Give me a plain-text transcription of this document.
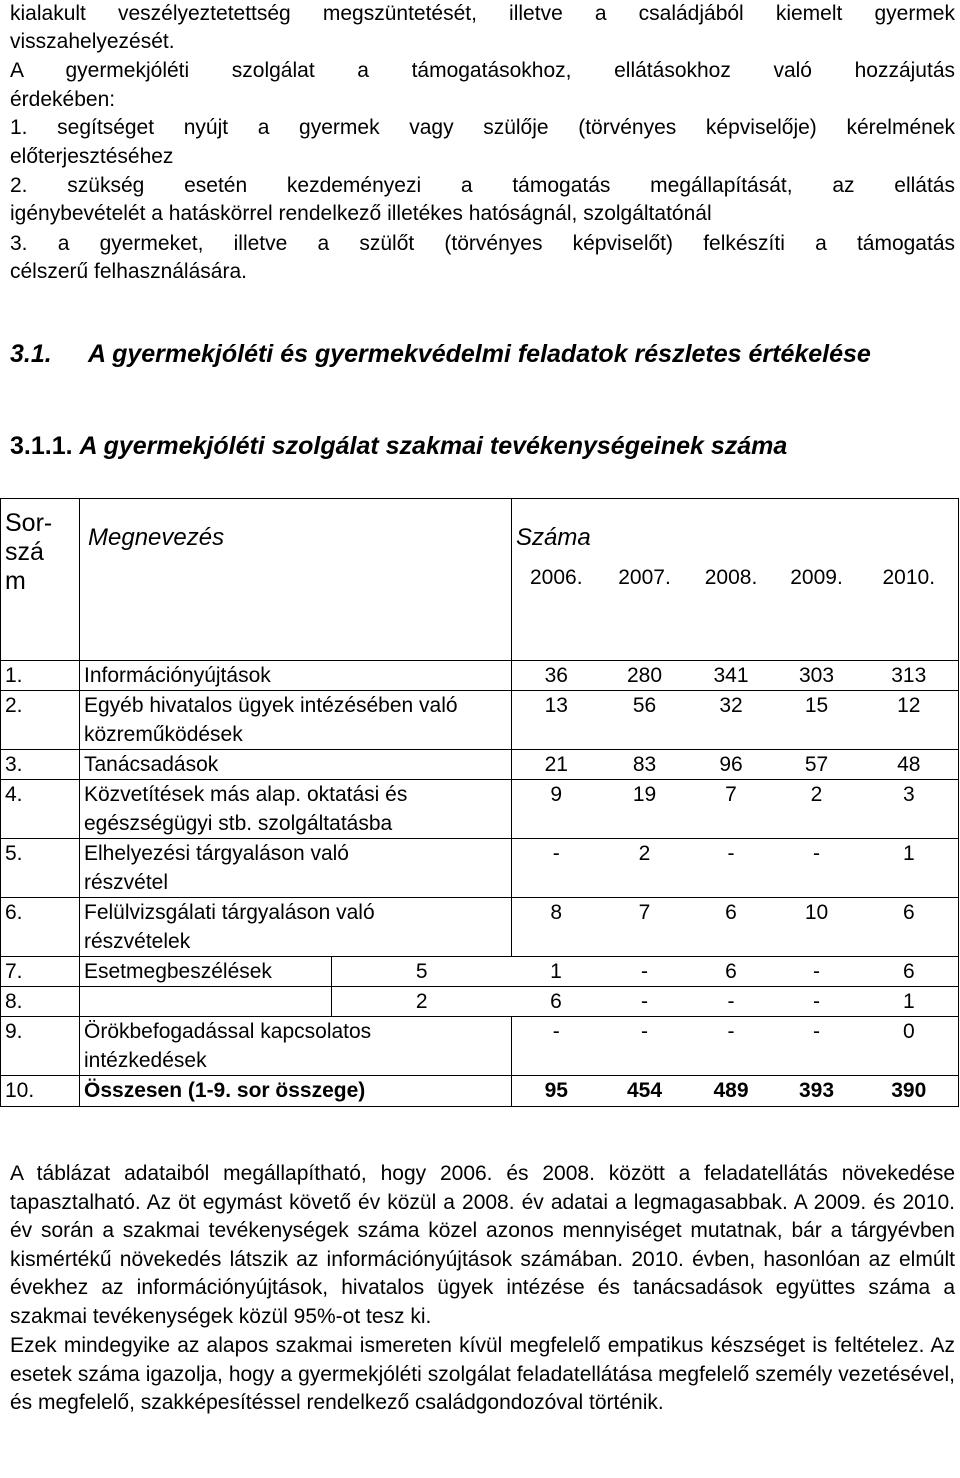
kialakult veszélyeztetettség megszüntetését, illetve a családjából kiemelt gyermek

visszahelyezését.

A gyermekjóléti szolgálat a támogatásokhoz, ellátásokhoz való hozzájutás

érdekében:

1. segítséget nyújt a gyermek vagy szülője (törvényes képviselője) kérelmének

előterjesztéséhez

2. szükség esetén kezdeményezi a támogatás megállapítását, az ellátás

igénybevételét a hatáskörrel rendelkező illetékes hatóságnál, szolgáltatónál

3. a gyermeket, illetve a szülőt (törvényes képviselőt) felkészíti a támogatás

célszerű felhasználására.

3.1. A gyermekjóléti és gyermekvédelmi feladatok részletes értékelése
3.1.1. A gyermekjóléti szolgálat szakmai tevékenységeinek száma
Sor-
szá
m	Megnevezés		Száma				
			2006.	2007.	2008.	2009.	2010.
1.	Információnyújtások		36	280	341	303	313
2.	Egyéb hivatalos ügyek intézésében való közreműködések		13	56	32	15	12
3.	Tanácsadások		21	83	96	57	48
4.	Közvetítések más alap. oktatási és egészségügyi stb. szolgáltatásba		9	19	7	2	3
5.	Elhelyezési tárgyaláson való részvétel		-	2	-	-	1
6.	Felülvizsgálati tárgyaláson való részvételek		8	7	6	10	6
7.	Esetmegbeszélések	5	1	-	6	-	6
8.		2	6	-	-	-	1
9.	Örökbefogadással kapcsolatos intézkedések		-	-	-	-	0
10.	Összesen (1-9. sor összege)		95	454	489	393	390

A táblázat adataiból megállapítható, hogy 2006. és 2008. között a feladatellátás növekedése tapasztalható. Az öt egymást követő év közül a 2008. év adatai a legmagasabbak. A 2009. és 2010. év során a szakmai tevékenységek száma közel azonos mennyiséget mutatnak, bár a tárgyévben kismértékű növekedés látszik az információnyújtások számában. 2010. évben, hasonlóan az elmúlt évekhez az információnyújtások, hivatalos ügyek intézése és tanácsadások együttes száma a szakmai tevékenységek közül 95%-ot tesz ki.

Ezek mindegyike az alapos szakmai ismereten kívül megfelelő empatikus készséget is feltételez. Az esetek száma igazolja, hogy a gyermekjóléti szolgálat feladatellátása megfelelő személy vezetésével, és megfelelő, szakképesítéssel rendelkező családgondozóval történik.
